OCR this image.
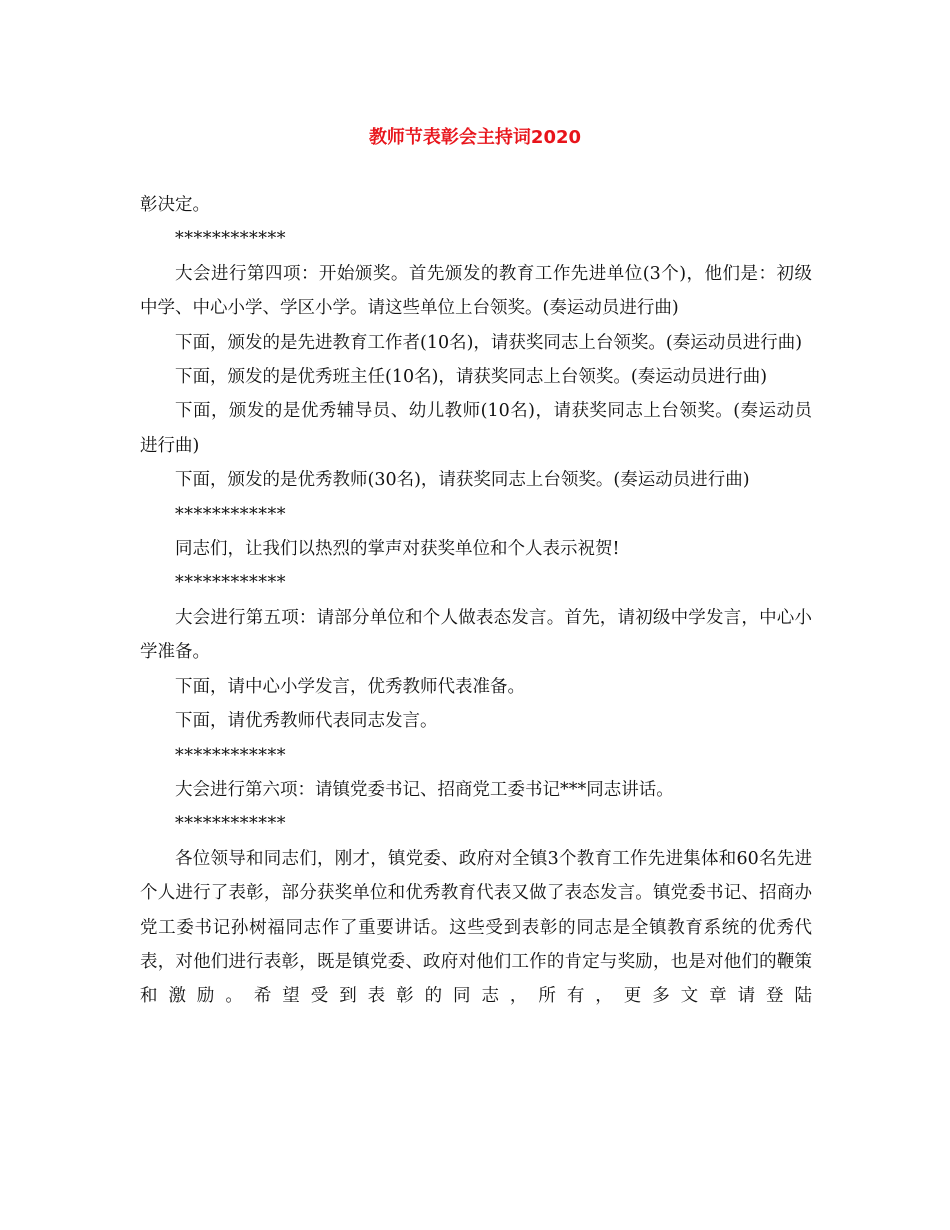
教师节表彰会主持词2020

彰决定。

************

大会进行第四项：开始颁奖。首先颁发的教育工作先进单位(3个)，他们是：初级中学、中心小学、学区小学。请这些单位上台领奖。(奏运动员进行曲)

下面，颁发的是先进教育工作者(10名)，请获奖同志上台领奖。(奏运动员进行曲)

下面，颁发的是优秀班主任(10名)，请获奖同志上台领奖。(奏运动员进行曲)

下面，颁发的是优秀辅导员、幼儿教师(10名)，请获奖同志上台领奖。(奏运动员进行曲)

下面，颁发的是优秀教师(30名)，请获奖同志上台领奖。(奏运动员进行曲)

************

同志们，让我们以热烈的掌声对获奖单位和个人表示祝贺!

************

大会进行第五项：请部分单位和个人做表态发言。首先，请初级中学发言，中心小学准备。

下面，请中心小学发言，优秀教师代表准备。

下面，请优秀教师代表同志发言。

************

大会进行第六项：请镇党委书记、招商党工委书记***同志讲话。

************

各位领导和同志们，刚才，镇党委、政府对全镇3个教育工作先进集体和60名先进个人进行了表彰，部分获奖单位和优秀教育代表又做了表态发言。镇党委书记、招商办党工委书记孙树福同志作了重要讲话。这些受到表彰的同志是全镇教育系统的优秀代表，对他们进行表彰，既是镇党委、政府对他们工作的肯定与奖励，也是对他们的鞭策和激励。希望受到表彰的同志，所有，更多文章请登陆
